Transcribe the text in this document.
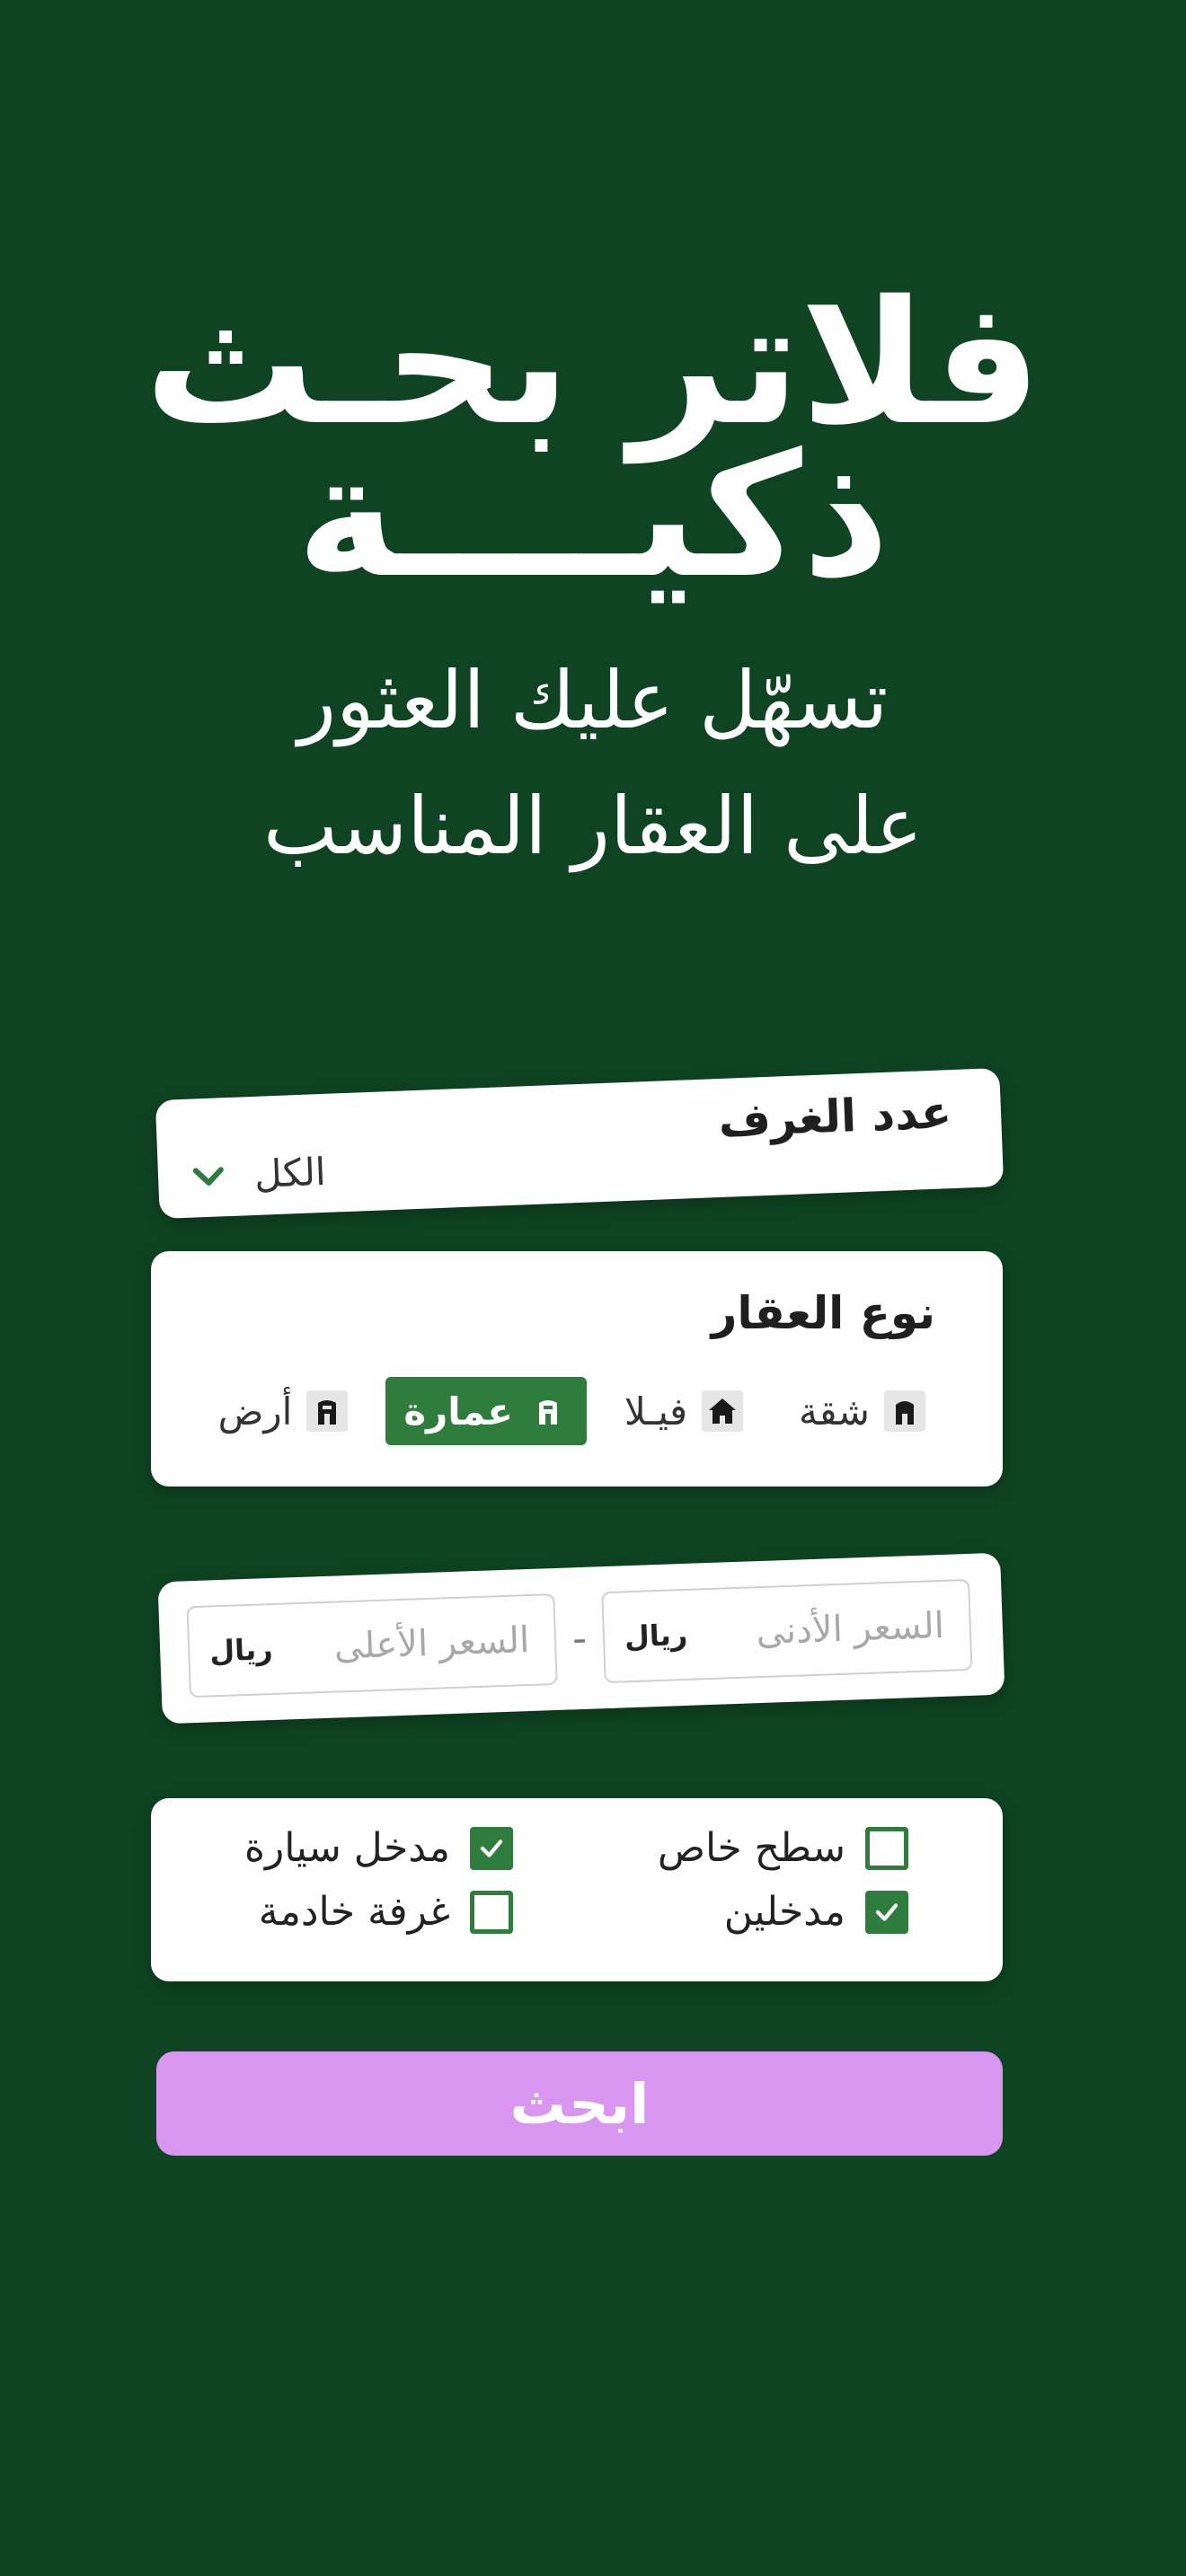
فلاتر بحـث
ذكيــــة
تسهّل عليك العثور
على العقار المناسب
عدد الغرف
الكل
نوع العقار
شقة
فيـلا
عمارة
أرض
السعر الأدنى
ريال
-
السعر الأعلى
ريال
سطح خاص
مدخل سيارة
مدخلين
غرفة خادمة
ابحث
